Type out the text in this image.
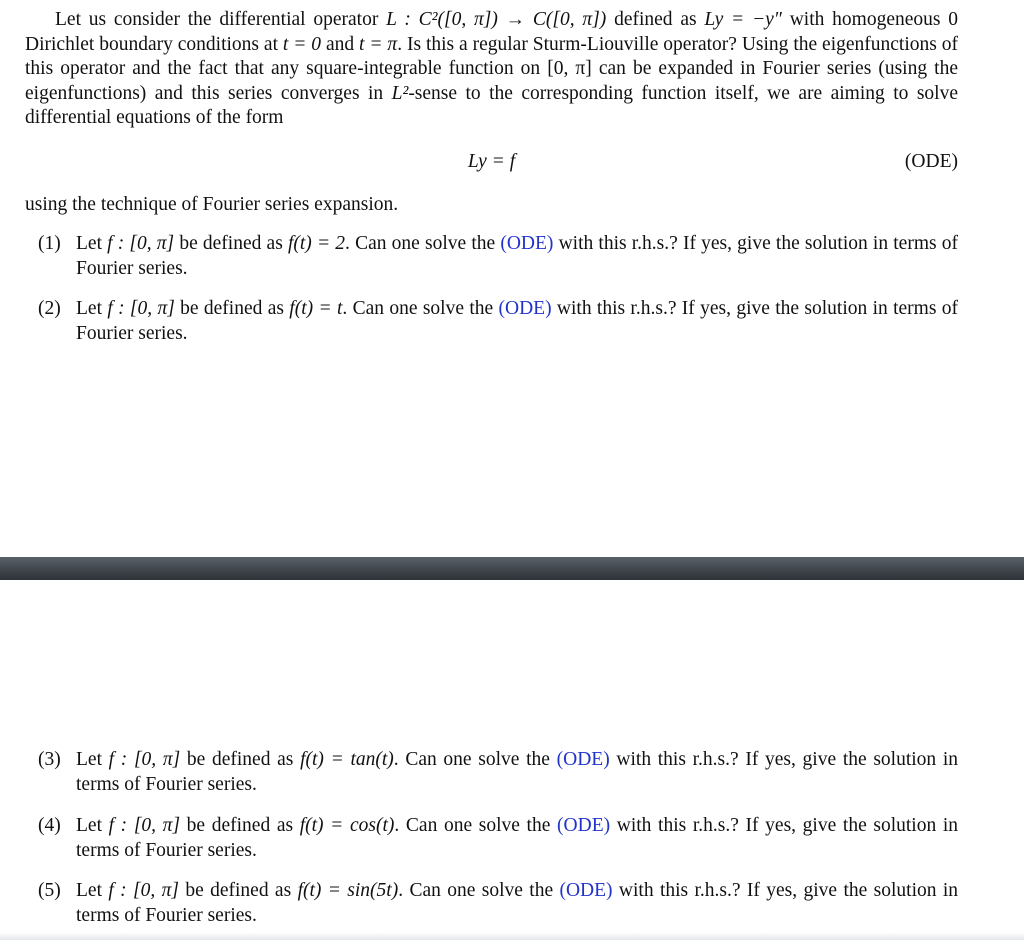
Let us consider the differential operator L : C²([0, π]) → C([0, π]) defined as Ly = −y″ with homogeneous 0 Dirichlet boundary conditions at t = 0 and t = π. Is this a regular Sturm-Liouville operator? Using the eigenfunctions of this operator and the fact that any square-integrable function on [0, π] can be expanded in Fourier series (using the eigenfunctions) and this series converges in L²-sense to the corresponding function itself, we are aiming to solve differential equations of the form

Ly = f	(ODE)

using the technique of Fourier series expansion.

(1) Let f : [0, π] be defined as f(t) = 2. Can one solve the (ODE) with this r.h.s.? If yes, give the solution in terms of Fourier series.
(2) Let f : [0, π] be defined as f(t) = t. Can one solve the (ODE) with this r.h.s.? If yes, give the solution in terms of Fourier series.
(3) Let f : [0, π] be defined as f(t) = tan(t). Can one solve the (ODE) with this r.h.s.? If yes, give the solution in terms of Fourier series.
(4) Let f : [0, π] be defined as f(t) = cos(t). Can one solve the (ODE) with this r.h.s.? If yes, give the solution in terms of Fourier series.
(5) Let f : [0, π] be defined as f(t) = sin(5t). Can one solve the (ODE) with this r.h.s.? If yes, give the solution in terms of Fourier series.
